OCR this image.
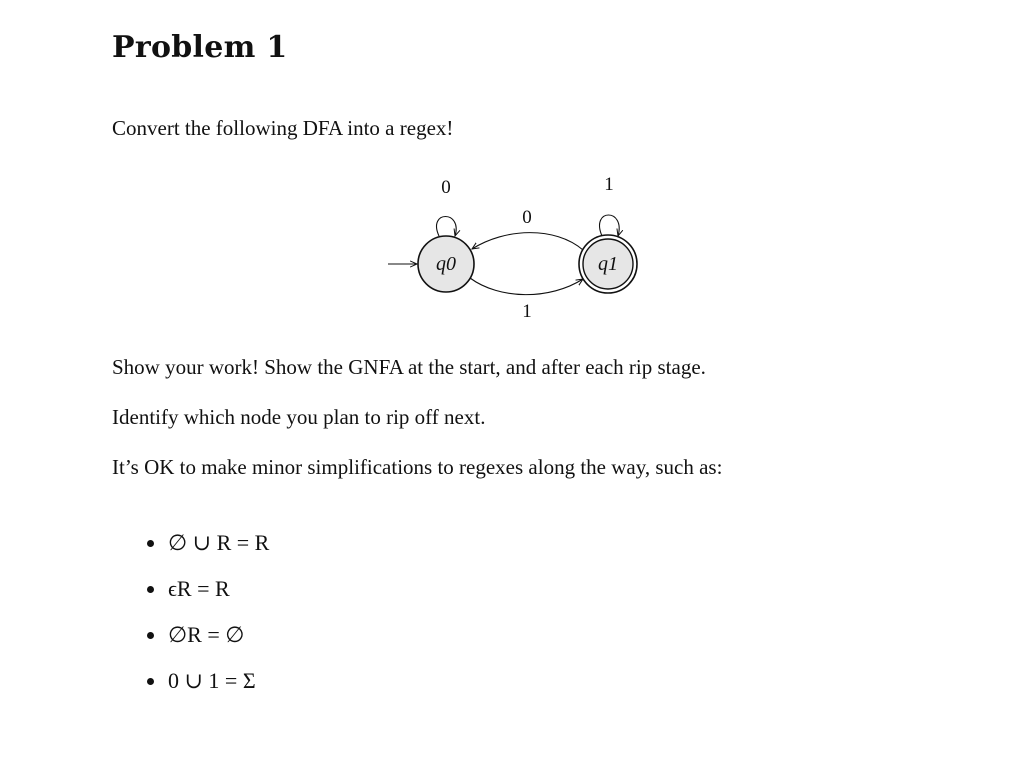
Problem 1

Convert the following DFA into a regex!

0	1
0
1
q0	q1

Show your work! Show the GNFA at the start, and after each rip stage.

Identify which node you plan to rip off next.

It’s OK to make minor simplifications to regexes along the way, such as:

∅ ∪ R = R
ϵR = R
∅R = ∅
0 ∪ 1 = Σ
